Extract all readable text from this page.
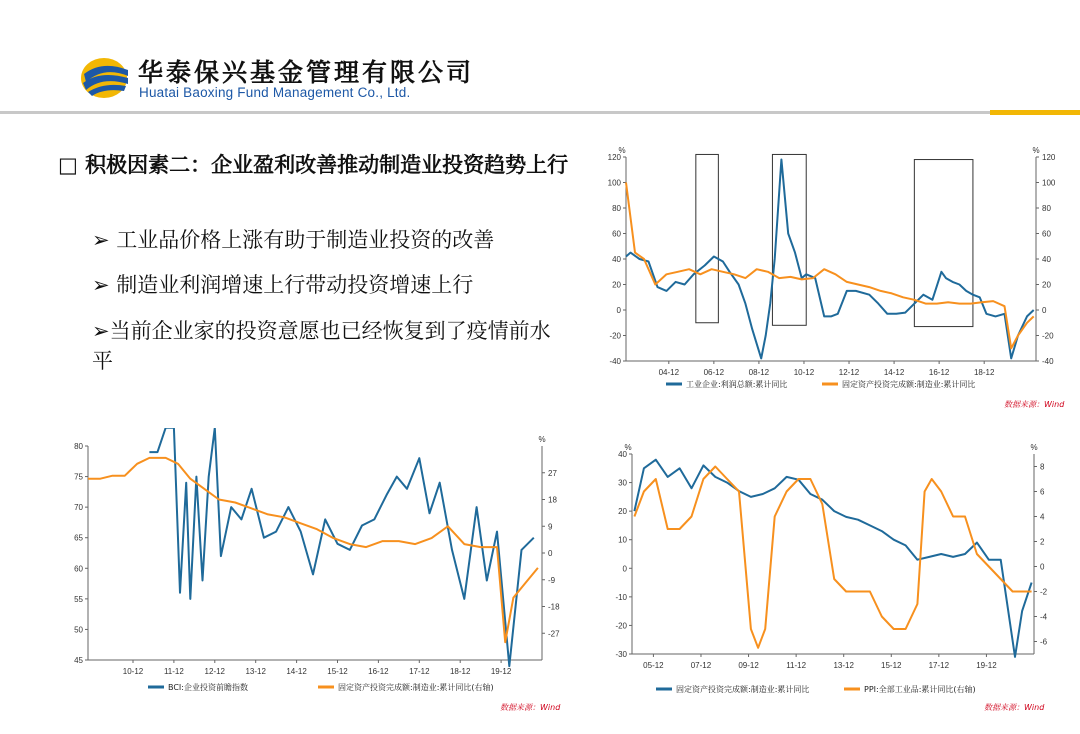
华泰保兴基金管理有限公司
Huatai Baoxing Fund Management Co., Ltd.
□ 积极因素二：企业盈利改善推动制造业投资趋势上行
➢ 工业品价格上涨有助于制造业投资的改善
➢ 制造业利润增速上行带动投资增速上行
➢当前企业家的投资意愿也已经恢复到了疫情前水平
%	%
-40
-20
0
20
40
60
80
100
120
-40
-20
0
20
40
60
80
100
120
04-12	06-12	08-12	10-12	12-12	14-12	16-12	18-12
工业企业:利润总额:累计同比	固定资产投资完成额:制造业:累计同比
数据来源：Wind
%
45
50
55
60
65
70
75
80
-27
-18
-9
0
9
18
27
10-12	11-12	12-12	13-12	14-12	15-12	16-12	17-12	18-12	19-12
BCI:企业投资前瞻指数	固定资产投资完成额:制造业:累计同比(右轴)
数据来源：Wind
%	%
-30
-20
-10
0
10
20
30
40
-6
-4
-2
0
2
4
6
8
05-12	07-12	09-12	11-12	13-12	15-12	17-12	19-12
固定资产投资完成额:制造业:累计同比	PPI:全部工业品:累计同比(右轴)
数据来源：Wind
